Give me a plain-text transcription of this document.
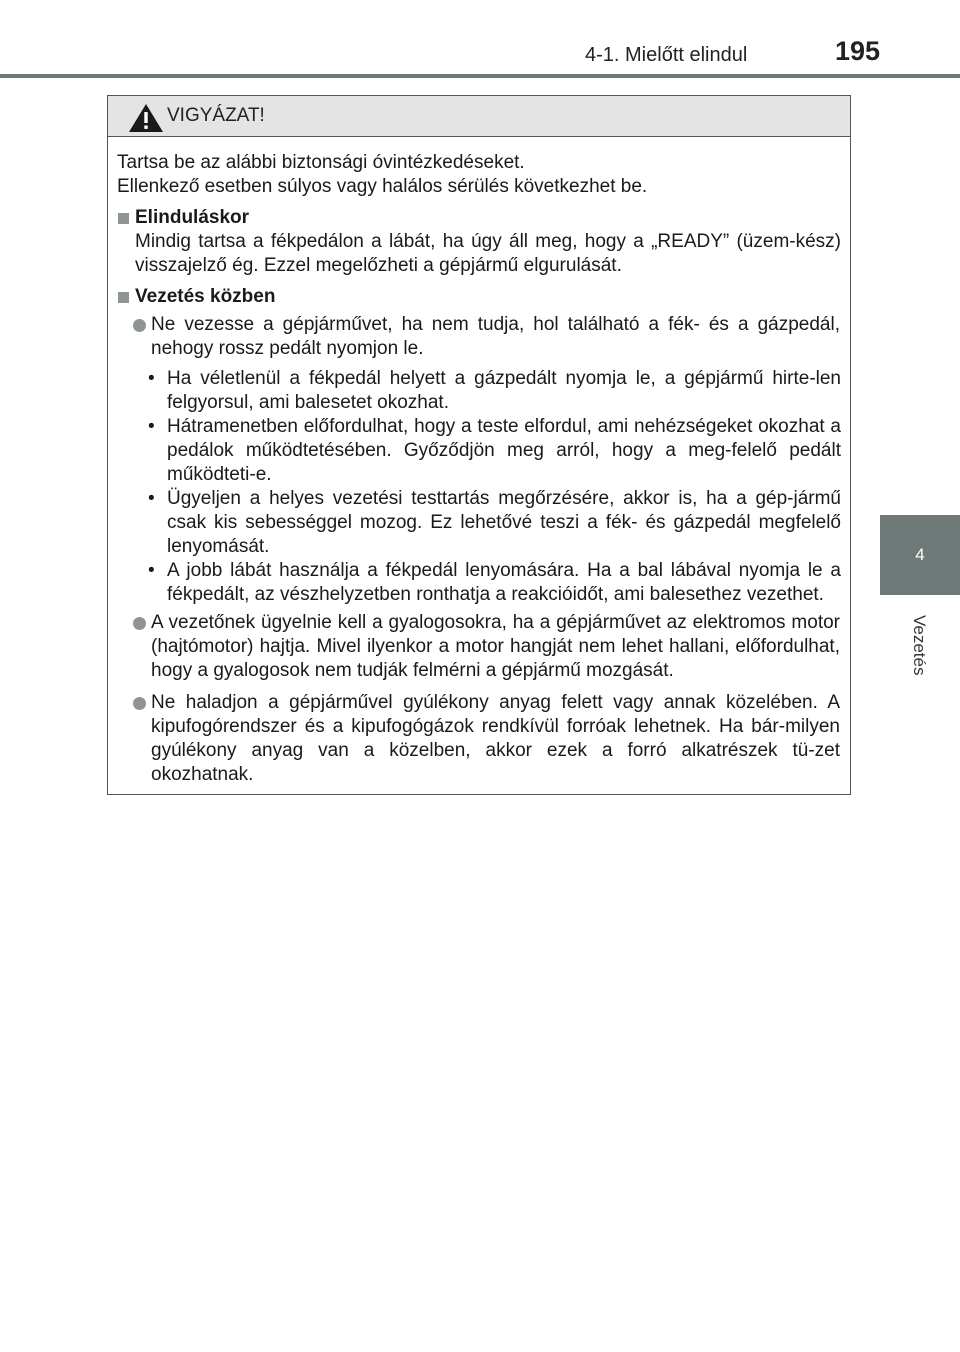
4-1. Mielőtt elindul	195
4
Vezetés
VIGYÁZAT!

Tartsa be az alábbi biztonsági óvintézkedéseket.

Ellenkező esetben súlyos vagy halálos sérülés következhet be.

Elinduláskor

Mindig tartsa a fékpedálon a lábát, ha úgy áll meg, hogy a „READY” (üzem-kész) visszajelző ég. Ezzel megelőzheti a gépjármű elgurulását.

Vezetés közben
Ne vezesse a gépjárművet, ha nem tudja, hol található a fék- és a gázpedál, nehogy rossz pedált nyomjon le.
• Ha véletlenül a fékpedál helyett a gázpedált nyomja le, a gépjármű hirte-len felgyorsul, ami balesetet okozhat.
• Hátramenetben előfordulhat, hogy a teste elfordul, ami nehézségeket okozhat a pedálok működtetésében. Győződjön meg arról, hogy a meg-felelő pedált működteti-e.
• Ügyeljen a helyes vezetési testtartás megőrzésére, akkor is, ha a gép-jármű csak kis sebességgel mozog. Ez lehetővé teszi a fék- és gázpedál megfelelő lenyomását.
• A jobb lábát használja a fékpedál lenyomására. Ha a bal lábával nyomja le a fékpedált, az vészhelyzetben ronthatja a reakcióidőt, ami balesethez vezethet.
A vezetőnek ügyelnie kell a gyalogosokra, ha a gépjárművet az elektromos motor (hajtómotor) hajtja. Mivel ilyenkor a motor hangját nem lehet hallani, előfordulhat, hogy a gyalogosok nem tudják felmérni a gépjármű mozgását.
Ne haladjon a gépjárművel gyúlékony anyag felett vagy annak közelében. A kipufogórendszer és a kipufogógázok rendkívül forróak lehetnek. Ha bár-milyen gyúlékony anyag van a közelben, akkor ezek a forró alkatrészek tü-zet okozhatnak.
